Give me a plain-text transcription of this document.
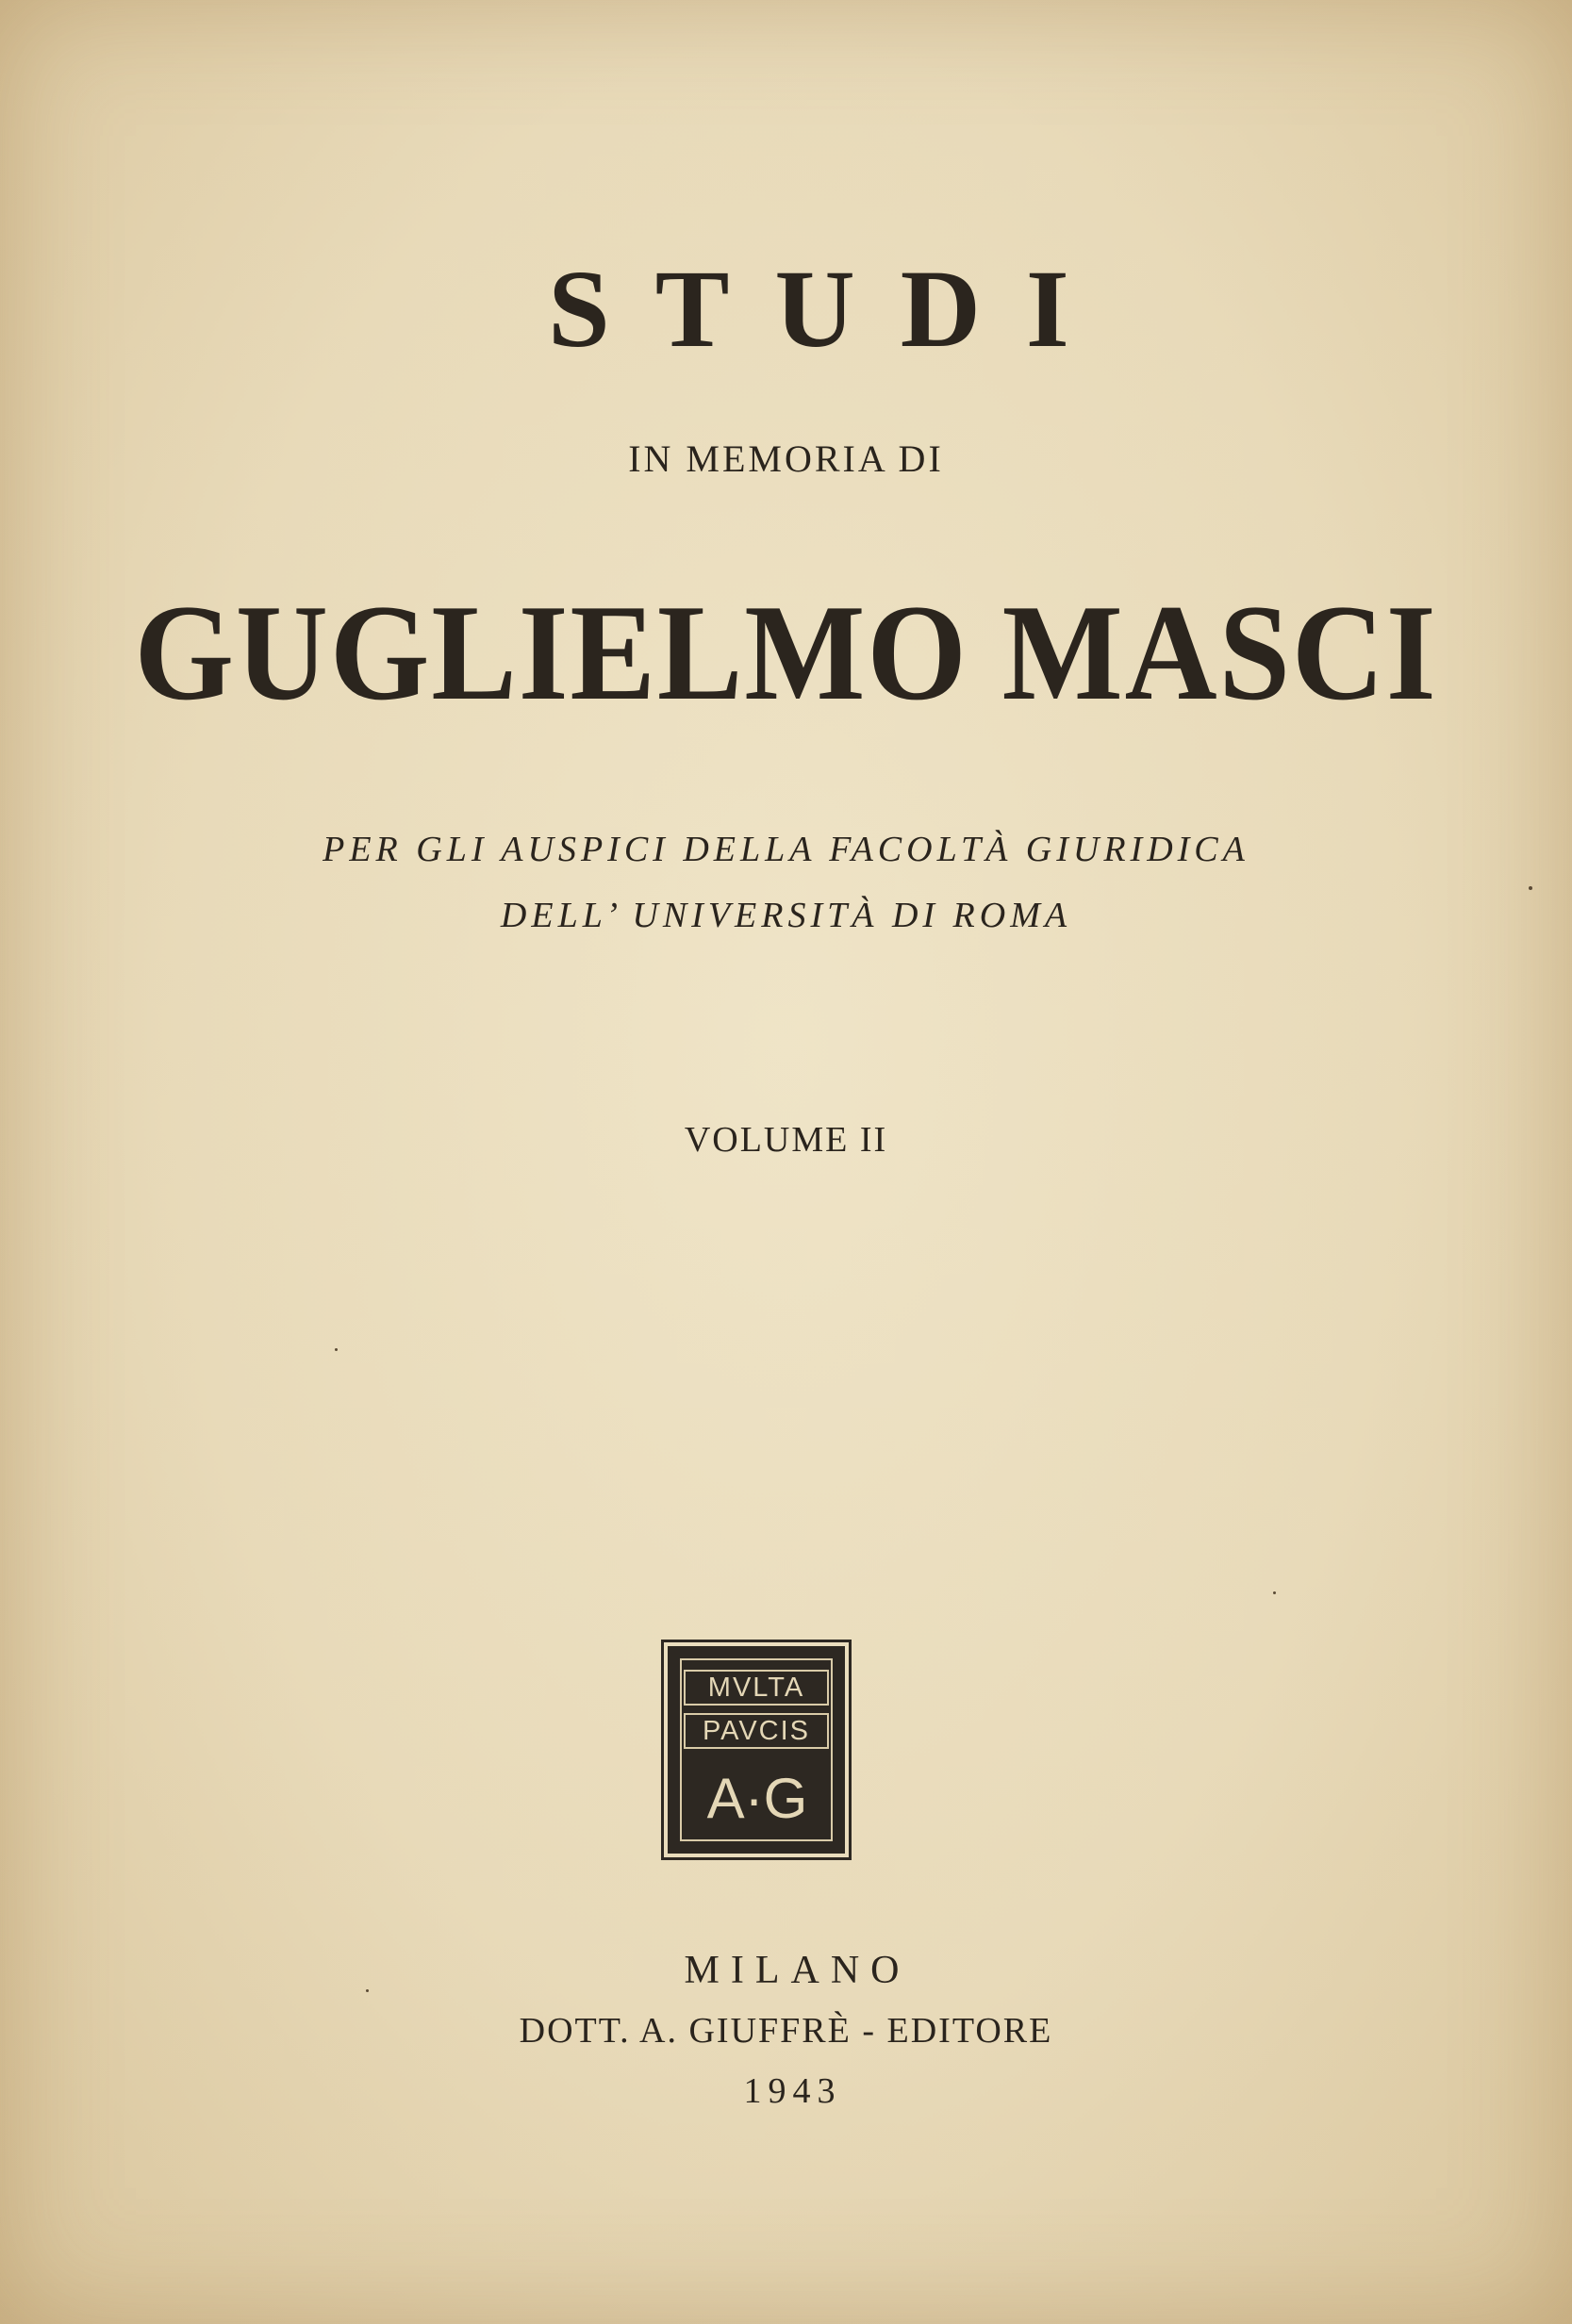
STUDI
IN MEMORIA DI
GUGLIELMO MASCI
PER GLI AUSPICI DELLA FACOLTÀ GIURIDICA
DELL’ UNIVERSITÀ DI ROMA
VOLUME II
MVLTA
PAVCIS
A·G
MILANO
DOTT. A. GIUFFRÈ - EDITORE
1943
